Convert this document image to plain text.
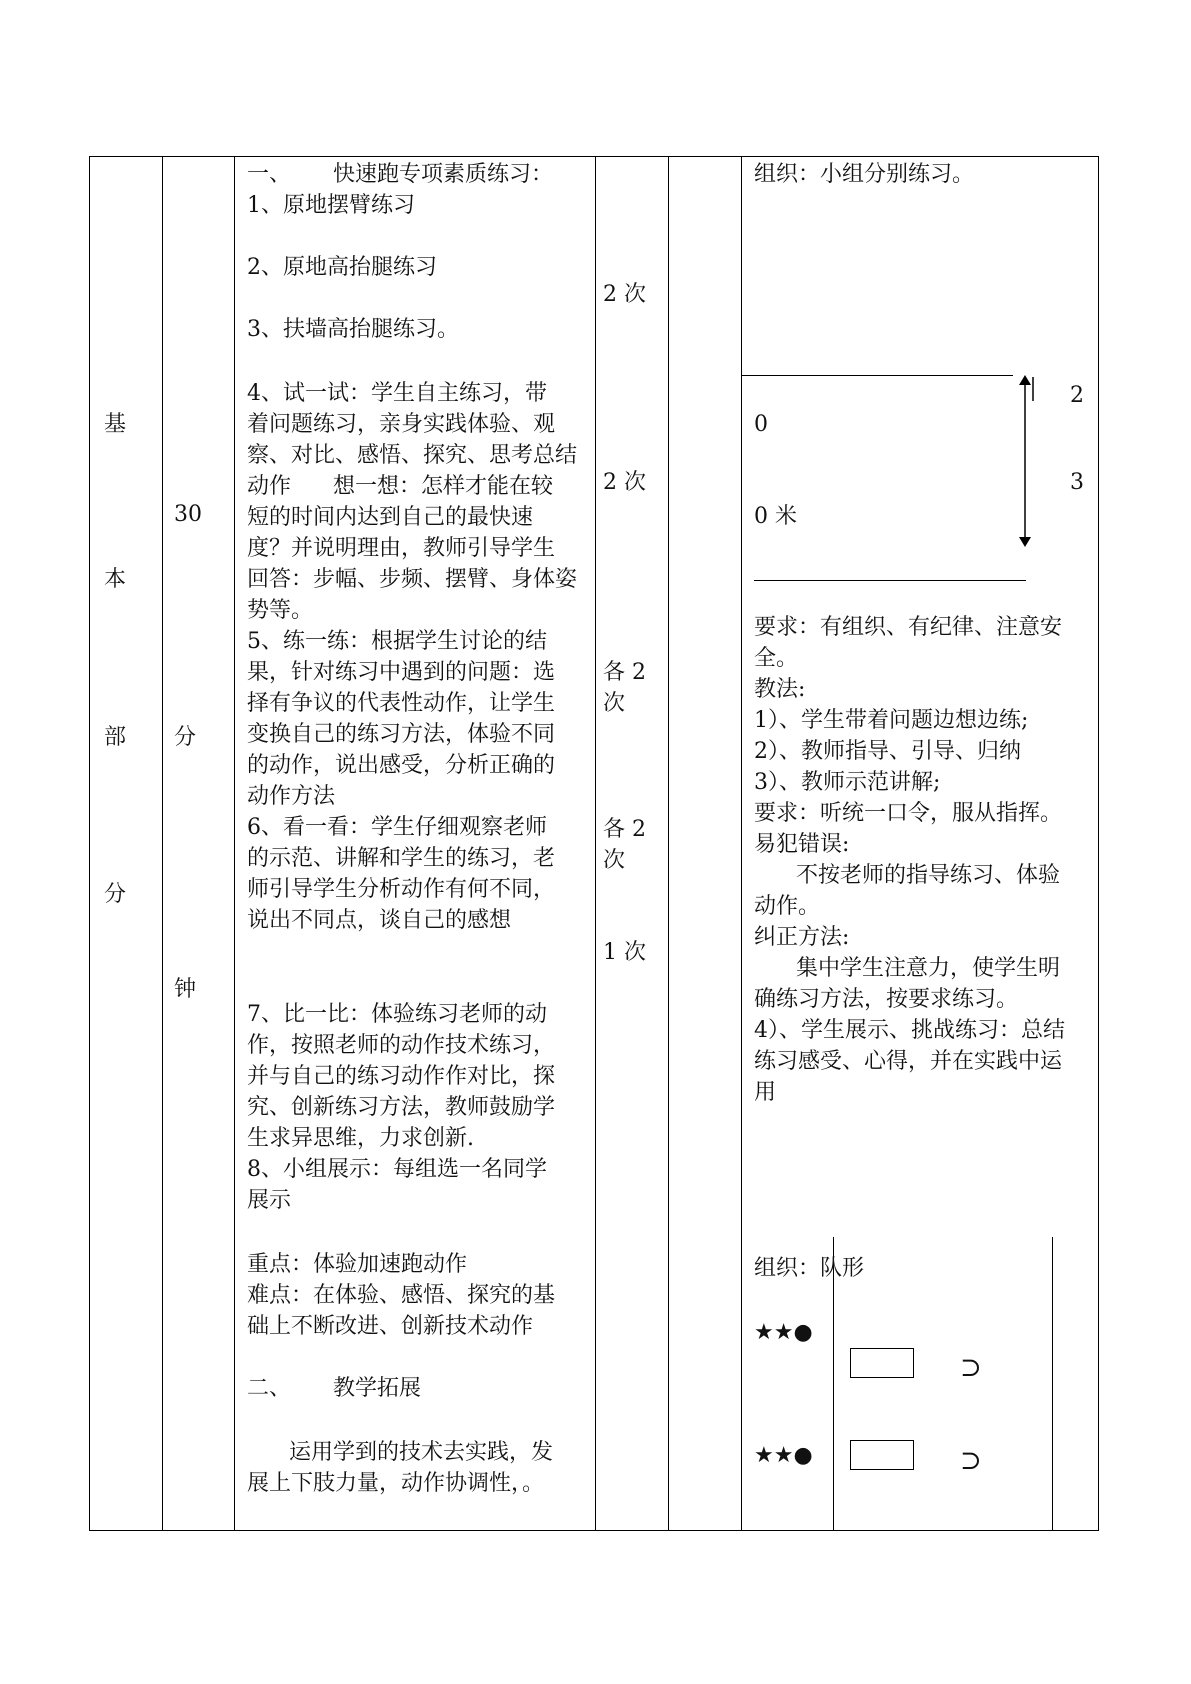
基
本
部
分
30
分
钟
一、      快速跑专项素质练习：
1、原地摆臂练习
2、原地高抬腿练习
3、扶墙高抬腿练习。
4、试一试：学生自主练习，带
着问题练习，亲身实践体验、观
察、对比、感悟、探究、思考总结
动作      想一想：怎样才能在较
短的时间内达到自己的最快速
度？并说明理由，教师引导学生
回答：步幅、步频、摆臂、身体姿
势等。
5、练一练：根据学生讨论的结
果，针对练习中遇到的问题：选
择有争议的代表性动作，让学生
变换自己的练习方法，体验不同
的动作，说出感受，分析正确的
动作方法
6、看一看：学生仔细观察老师
的示范、讲解和学生的练习，老
师引导学生分析动作有何不同，
说出不同点，谈自己的感想
7、比一比：体验练习老师的动
作，按照老师的动作技术练习，
并与自己的练习动作作对比，探
究、创新练习方法，教师鼓励学
生求异思维，力求创新.
8、小组展示：每组选一名同学
展示
重点：体验加速跑动作
难点：在体验、感悟、探究的基
础上不断改进、创新技术动作
二、      教学拓展
运用学到的技术去实践，发
展上下肢力量，动作协调性，。
2 次
2 次
各 2
次
各 2
次
1 次
组织：小组分别练习。
2
0
3
0 米
要求：有组织、有纪律、注意安
全。
教法:
1）、学生带着问题边想边练;
2）、教师指导、引导、归纳
3）、教师示范讲解;
要求：听统一口令，服从指挥。
易犯错误:
不按老师的指导练习、体验
动作。
纠正方法:
集中学生注意力，使学生明
确练习方法，按要求练习。
4）、学生展示、挑战练习：总结
练习感受、心得，并在实践中运
用
组织：队形
★★●
⊃
★★●	⊃
